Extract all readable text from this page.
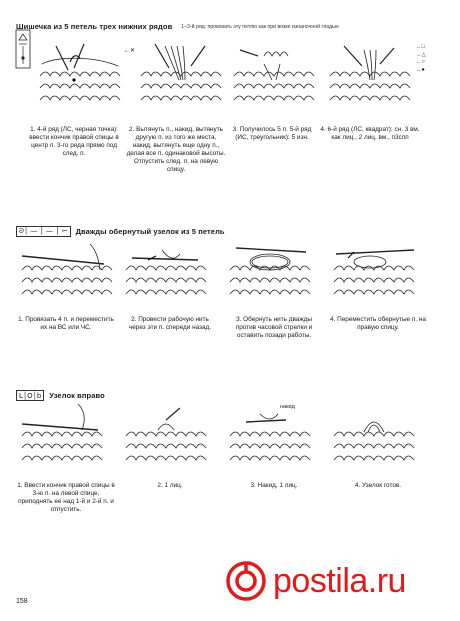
Шишечка из 5 петель трех нижних рядов 1–3-й ряд: провязать эту петлю как при вязке изнаночной гладью
←✕
←□
→△
←○
→●
1. 4-й ряд (ЛС, черная точка): ввести кончик правой спицы в центр п. 3-го ряда прямо под след. п.
2. Вытянуть п., накид, вытянуть другую п. из того же места, накид, вытянуть еще одну п., делая все п. одинаковой высоты. Отпустить след. п. на левую спицу.
3. Получилось 5 п. 5-й ряд (ИС, треугольник): 5 изн.
4. 6-й ряд (ЛС, квадрат): сн. 3 вм. как лиц., 2 лиц. вм., п3спп
ᘐ│ — │ — │ ⌐	Дважды обернутый узелок из 5 петель
1. Провязать 4 п. и переместить их на ВС или ЧС.
2. Провести рабочую нить через эти п. спереди назад.
3. Обернуть нить дважды против часовой стрелки и оставить позади работы.
4. Переместить обернутые п. на правую спицу.
L│O│b	Узелок вправо
накид
1. Ввести кончик правой спицы в 3-ю п. на левой спице, приподнять ее над 1-й и 2-й п. и отпустить.
2. 1 лиц.	3. Накид, 1 лиц.	4. Узелок готов.
postila.ru
158
